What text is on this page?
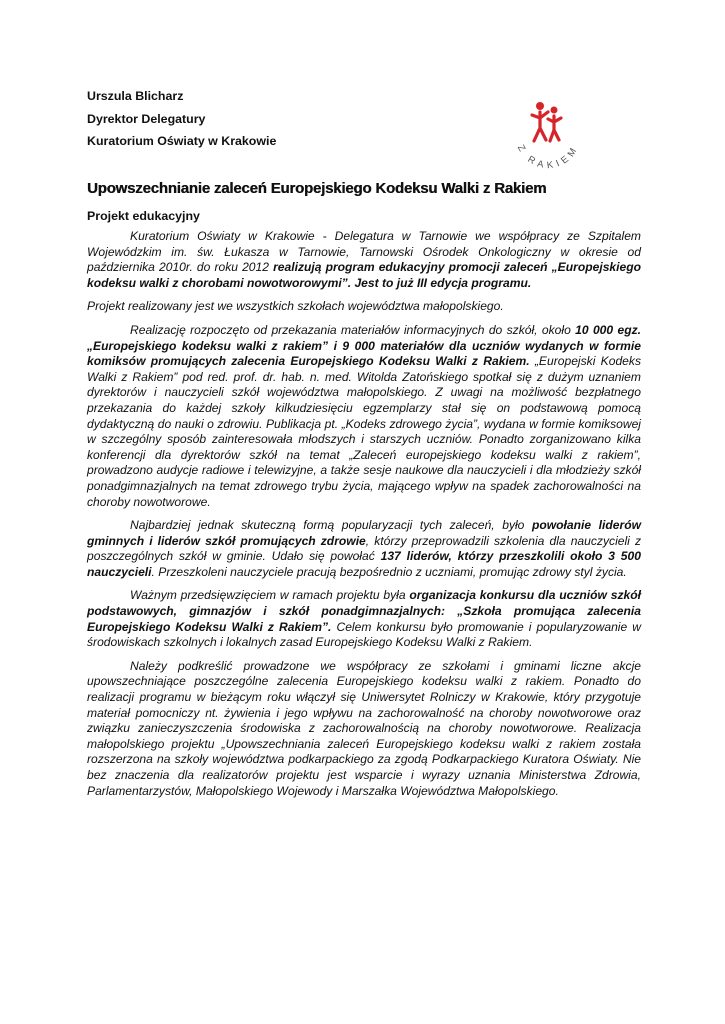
Urszula Blicharz
Dyrektor Delegatury
Kuratorium Oświaty w Krakowie
Z RAKIEM
Upowszechnianie zaleceń Europejskiego Kodeksu Walki z Rakiem
Projekt edukacyjny

Kuratorium Oświaty w Krakowie - Delegatura w Tarnowie we współpracy ze Szpitalem Wojewódzkim im. św. Łukasza w Tarnowie, Tarnowski Ośrodek Onkologiczny w okresie od października 2010r. do roku 2012 realizują program edukacyjny promocji zaleceń „Europejskiego kodeksu walki z chorobami nowotworowymi”. Jest to już III edycja programu.

Projekt realizowany jest we wszystkich szkołach województwa małopolskiego.

Realizację rozpoczęto od przekazania materiałów informacyjnych do szkół, około 10 000 egz. „Europejskiego kodeksu walki z rakiem” i 9 000 materiałów dla uczniów wydanych w formie komiksów promujących zalecenia Europejskiego Kodeksu Walki z Rakiem. „Europejski Kodeks Walki z Rakiem” pod red. prof. dr. hab. n. med. Witolda Zatońskiego spotkał się z dużym uznaniem dyrektorów i nauczycieli szkół województwa małopolskiego. Z uwagi na możliwość bezpłatnego przekazania do każdej szkoły kilkudziesięciu egzemplarzy stał się on podstawową pomocą dydaktyczną do nauki o zdrowiu. Publikacja pt. „Kodeks zdrowego życia”, wydana w formie komiksowej w szczególny sposób zainteresowała młodszych i starszych uczniów. Ponadto zorganizowano kilka konferencji dla dyrektorów szkół na temat „Zaleceń europejskiego kodeksu walki z rakiem”, prowadzono audycje radiowe i telewizyjne, a także sesje naukowe dla nauczycieli i dla młodzieży szkół ponadgimnazjalnych na temat zdrowego trybu życia, mającego wpływ na spadek zachorowalności na choroby nowotworowe.

Najbardziej jednak skuteczną formą popularyzacji tych zaleceń, było powołanie liderów gminnych i liderów szkół promujących zdrowie, którzy przeprowadzili szkolenia dla nauczycieli z poszczególnych szkół w gminie. Udało się powołać 137 liderów, którzy przeszkolili około 3 500 nauczycieli. Przeszkoleni nauczyciele pracują bezpośrednio z uczniami, promując zdrowy styl życia.

Ważnym przedsięwzięciem w ramach projektu była organizacja konkursu dla uczniów szkół podstawowych, gimnazjów i szkół ponadgimnazjalnych: „Szkoła promująca zalecenia Europejskiego Kodeksu Walki z Rakiem”. Celem konkursu było promowanie i popularyzowanie w środowiskach szkolnych i lokalnych zasad Europejskiego Kodeksu Walki z Rakiem.

Należy podkreślić prowadzone we współpracy ze szkołami i gminami liczne akcje upowszechniające poszczególne zalecenia Europejskiego kodeksu walki z rakiem. Ponadto do realizacji programu w bieżącym roku włączył się Uniwersytet Rolniczy w Krakowie, który przygotuje materiał pomocniczy nt. żywienia i jego wpływu na zachorowalność na choroby nowotworowe oraz związku zanieczyszczenia środowiska z zachorowalnością na choroby nowotworowe. Realizacja małopolskiego projektu „Upowszechniania zaleceń Europejskiego kodeksu walki z rakiem została rozszerzona na szkoły województwa podkarpackiego za zgodą Podkarpackiego Kuratora Oświaty. Nie bez znaczenia dla realizatorów projektu jest wsparcie i wyrazy uznania Ministerstwa Zdrowia, Parlamentarzystów, Małopolskiego Wojewody i Marszałka Województwa Małopolskiego.
